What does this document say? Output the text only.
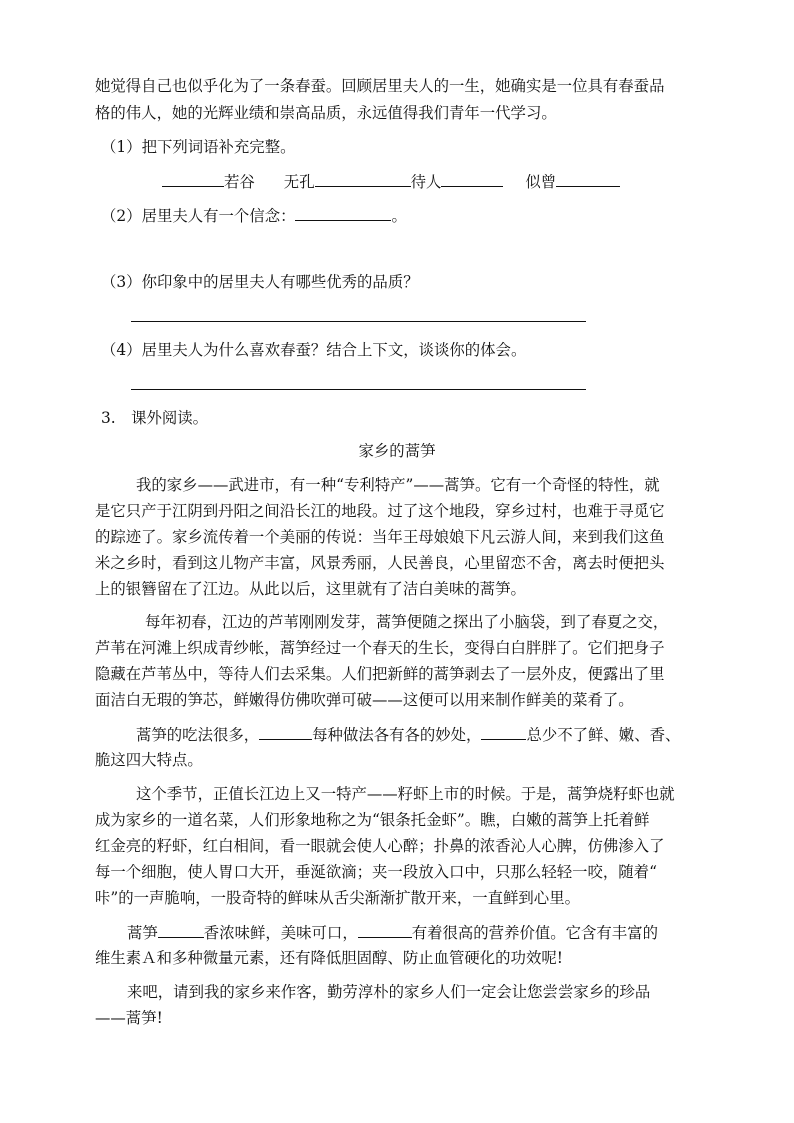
她觉得自己也似乎化为了一条春蚕。回顾居里夫人的一生，她确实是一位具有春蚕品
格的伟人，她的光辉业绩和崇高品质，永远值得我们青年一代学习。
（1）把下列词语补充完整。
若谷 无孔	待人	似曾
（2）居里夫人有一个信念：	。
（3）你印象中的居里夫人有哪些优秀的品质？
（4）居里夫人为什么喜欢春蚕？结合上下文，谈谈你的体会。
3.　课外阅读。
家乡的蒿笋
我的家乡——武进市，有一种“专利特产”——蒿笋。它有一个奇怪的特性，就
是它只产于江阴到丹阳之间沿长江的地段。过了这个地段，穿乡过村，也难于寻觅它
的踪迹了。家乡流传着一个美丽的传说：当年王母娘娘下凡云游人间，来到我们这鱼
米之乡时，看到这儿物产丰富，风景秀丽，人民善良，心里留恋不舍，离去时便把头
上的银簪留在了江边。从此以后，这里就有了洁白美味的蒿笋。
每年初春，江边的芦苇刚刚发芽，蒿笋便随之探出了小脑袋，到了春夏之交，
芦苇在河滩上织成青纱帐，蒿笋经过一个春天的生长，变得白白胖胖了。它们把身子
隐藏在芦苇丛中，等待人们去采集。人们把新鲜的蒿笋剥去了一层外皮，便露出了里
面洁白无瑕的笋芯，鲜嫩得仿佛吹弹可破——这便可以用来制作鲜美的菜肴了。
蒿笋的吃法很多，	每种做法各有各的妙处，	总少不了鲜、嫩、香、
脆这四大特点。
这个季节，正值长江边上又一特产——籽虾上市的时候。于是，蒿笋烧籽虾也就
成为家乡的一道名菜，人们形象地称之为“银条托金虾”。瞧，白嫩的蒿笋上托着鲜
红金亮的籽虾，红白相间，看一眼就会使人心醉；扑鼻的浓香沁人心脾，仿佛渗入了
每一个细胞，使人胃口大开，垂涎欲滴；夹一段放入口中，只那么轻轻一咬，随着“
咔”的一声脆响，一股奇特的鲜味从舌尖渐渐扩散开来，一直鲜到心里。
蒿笋	香浓味鲜，美味可口，	有着很高的营养价值。它含有丰富的
维生素Ａ和多种微量元素，还有降低胆固醇、防止血管硬化的功效呢!
来吧，请到我的家乡来作客，勤劳淳朴的家乡人们一定会让您尝尝家乡的珍品
——蒿笋!
